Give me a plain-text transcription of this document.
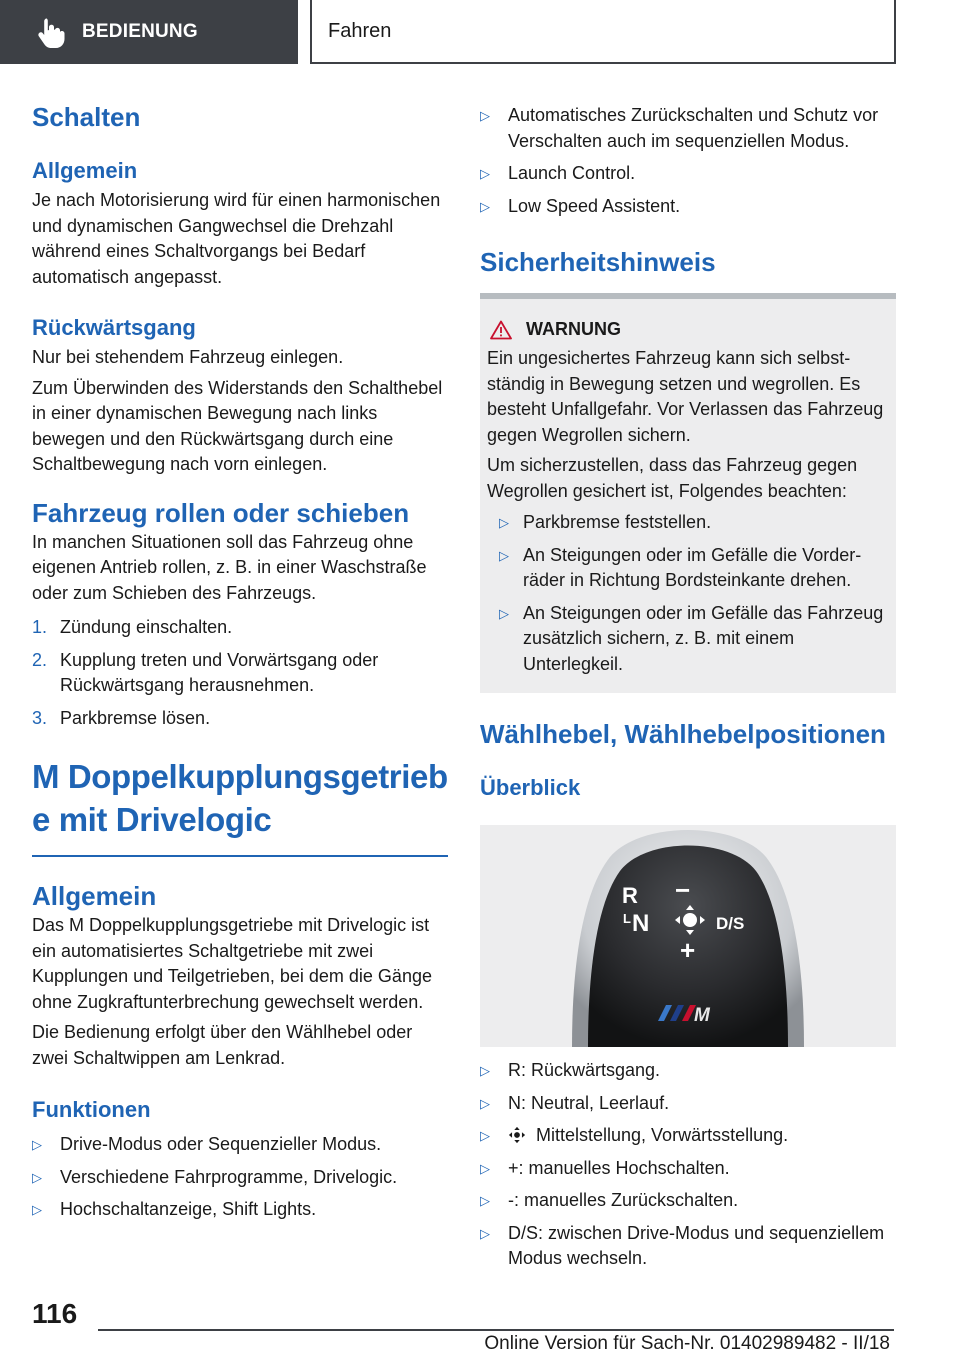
BEDIENUNG	Fahren
Schalten
Allgemein
Je nach Motorisierung wird für einen harmonischen und dynamischen Gangwechsel die Drehzahl während eines Schaltvorgangs bei Bedarf automatisch angepasst.
Rückwärtsgang
Nur bei stehendem Fahrzeug einlegen.
Zum Überwinden des Widerstands den Schalthebel in einer dynamischen Bewegung nach links bewegen und den Rückwärtsgang durch eine Schaltbewegung nach vorn einlegen.
Fahrzeug rollen oder schieben
In manchen Situationen soll das Fahrzeug ohne eigenen Antrieb rollen, z. B. in einer Waschstraße oder zum Schieben des Fahrzeugs.
1. Zündung einschalten.
2. Kupplung treten und Vorwärtsgang oder Rückwärtsgang herausnehmen.
3. Parkbremse lösen.
M Doppelkupplungsgetrieb
e mit Drivelogic
Allgemein
Das M Doppelkupplungsgetriebe mit Drivelogic ist ein automatisiertes Schaltgetriebe mit zwei Kupplungen und Teilgetrieben, bei dem die Gänge ohne Zugkraftunterbrechung gewechselt werden.
Die Bedienung erfolgt über den Wählhebel oder zwei Schaltwippen am Lenkrad.
Funktionen
▷	Drive-Modus oder Sequenzieller Modus.
▷	Verschiedene Fahrprogramme, Drivelogic.
▷	Hochschaltanzeige, Shift Lights.
▷	Automatisches Zurückschalten und Schutz vor Verschalten auch im sequenziellen Modus.
▷	Launch Control.
▷	Low Speed Assistent.
Sicherheitshinweis
WARNUNG
Ein ungesichertes Fahrzeug kann sich selbstständig in Bewegung setzen und wegrollen. Es besteht Unfallgefahr. Vor Verlassen das Fahrzeug gegen Wegrollen sichern.
Um sicherzustellen, dass das Fahrzeug gegen Wegrollen gesichert ist, Folgendes beachten:
▷ Parkbremse feststellen.
▷ An Steigungen oder im Gefälle die Vorderräder in Richtung Bordsteinkante drehen.
▷ An Steigungen oder im Gefälle das Fahrzeug zusätzlich sichern, z. B. mit einem Unterlegkeil.
Wählhebel, Wählhebelpositionen
Überblick
R −
L N	D/S
+
M
▷	R: Rückwärtsgang.
▷	N: Neutral, Leerlauf.
▷	Mittelstellung, Vorwärtsstellung.
▷	+: manuelles Hochschalten.
▷	-: manuelles Zurückschalten.
▷	D/S: zwischen Drive-Modus und sequenziellem Modus wechseln.
116
Online Version für Sach-Nr. 01402989482 - II/18
